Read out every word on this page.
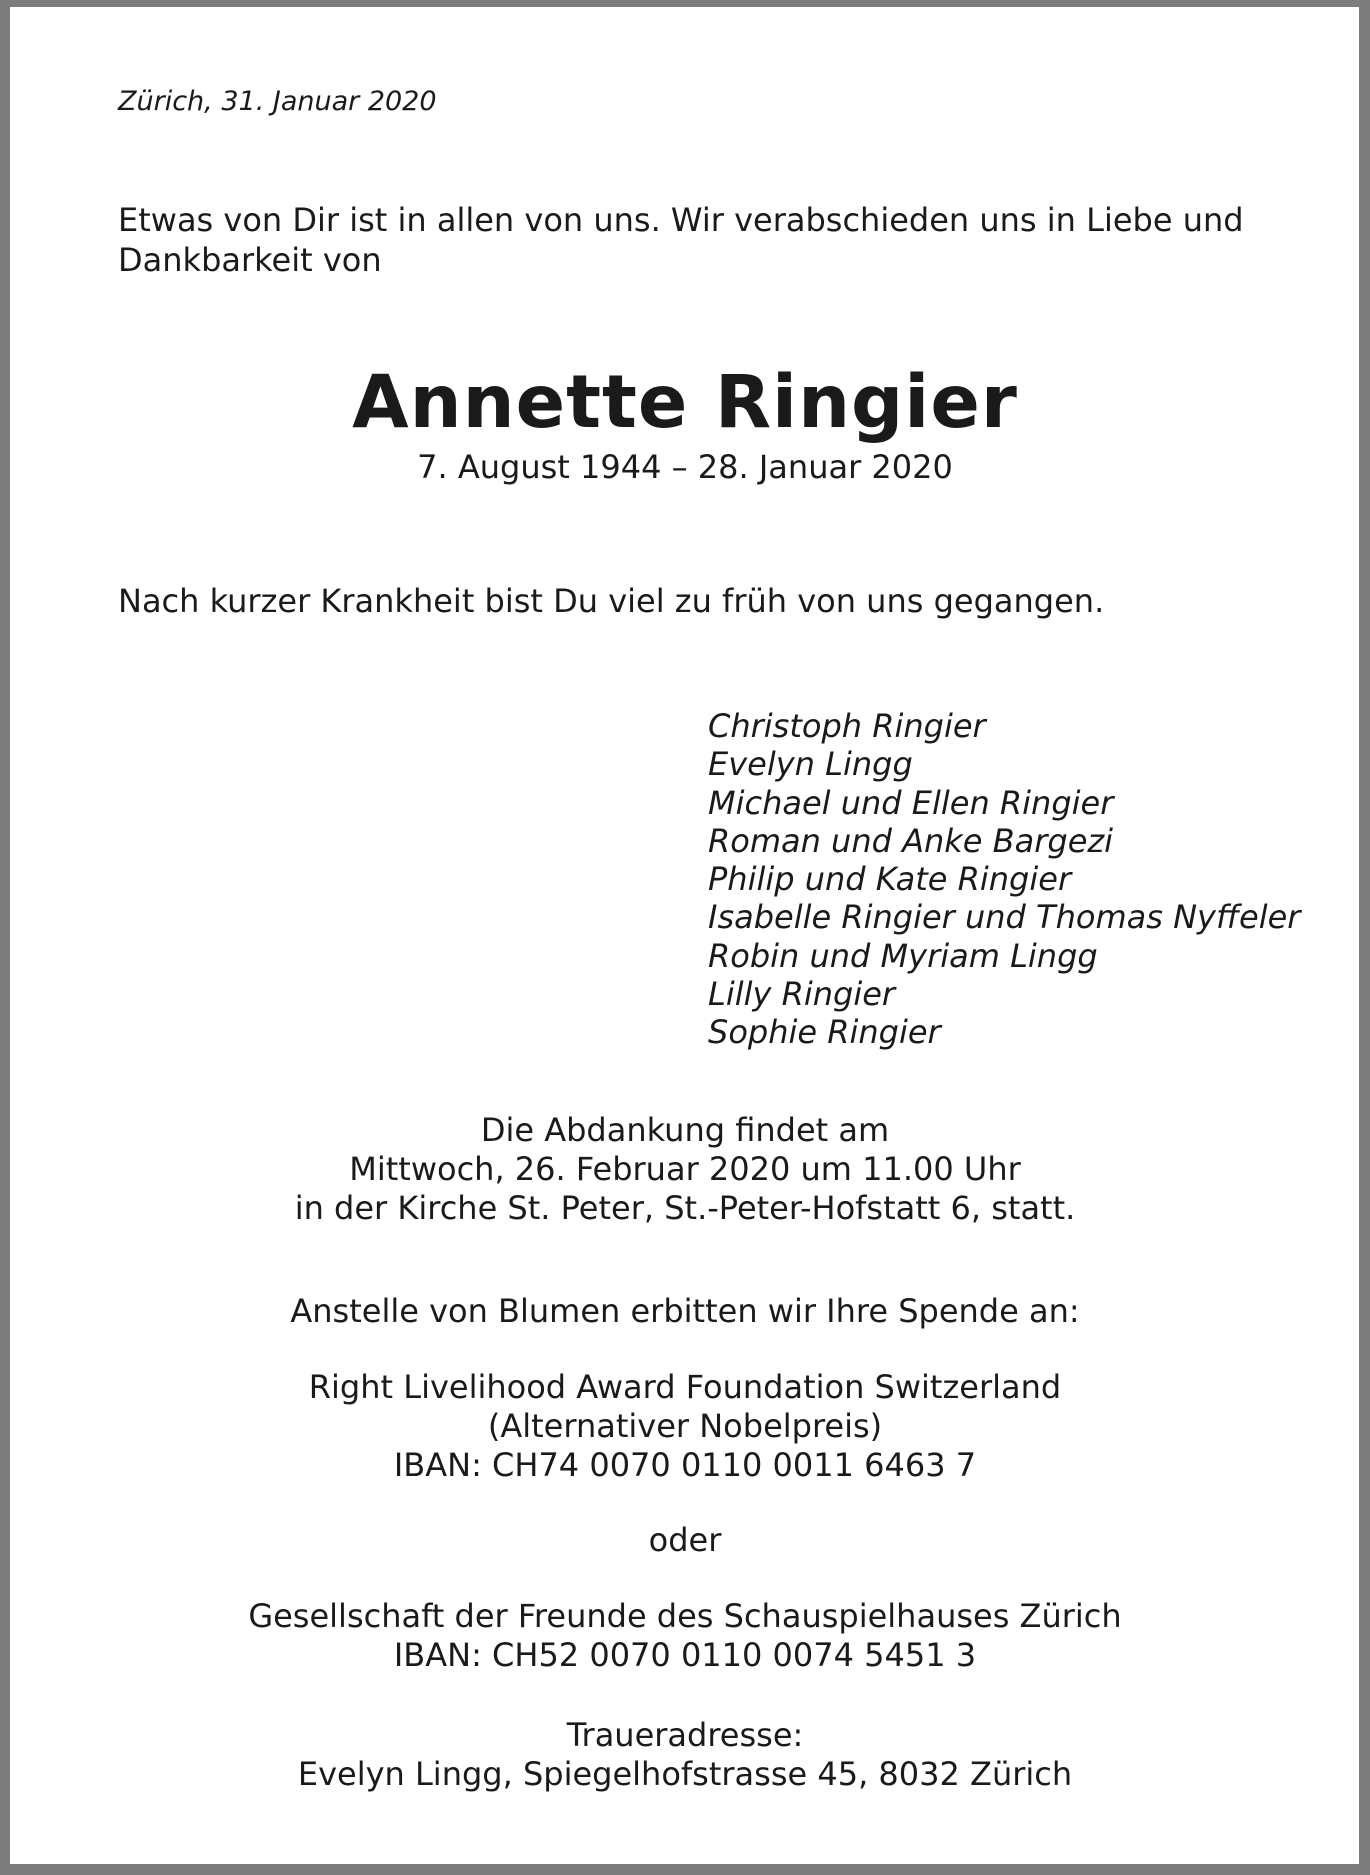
Zürich, 31. Januar 2020
Etwas von Dir ist in allen von uns. Wir verabschieden uns in Liebe und Dankbarkeit von
Annette Ringier
7. August 1944 – 28. Januar 2020
Nach kurzer Krankheit bist Du viel zu früh von uns gegangen.
Christoph Ringier
Evelyn Lingg
Michael und Ellen Ringier
Roman und Anke Bargezi
Philip und Kate Ringier
Isabelle Ringier und Thomas Nyffeler
Robin und Myriam Lingg
Lilly Ringier
Sophie Ringier
Die Abdankung findet am
Mittwoch, 26. Februar 2020 um 11.00 Uhr
in der Kirche St. Peter, St.-Peter-Hofstatt 6, statt.
Anstelle von Blumen erbitten wir Ihre Spende an:
Right Livelihood Award Foundation Switzerland
(Alternativer Nobelpreis)
IBAN: CH74 0070 0110 0011 6463 7
oder
Gesellschaft der Freunde des Schauspielhauses Zürich
IBAN: CH52 0070 0110 0074 5451 3
Traueradresse:
Evelyn Lingg, Spiegelhofstrasse 45, 8032 Zürich
